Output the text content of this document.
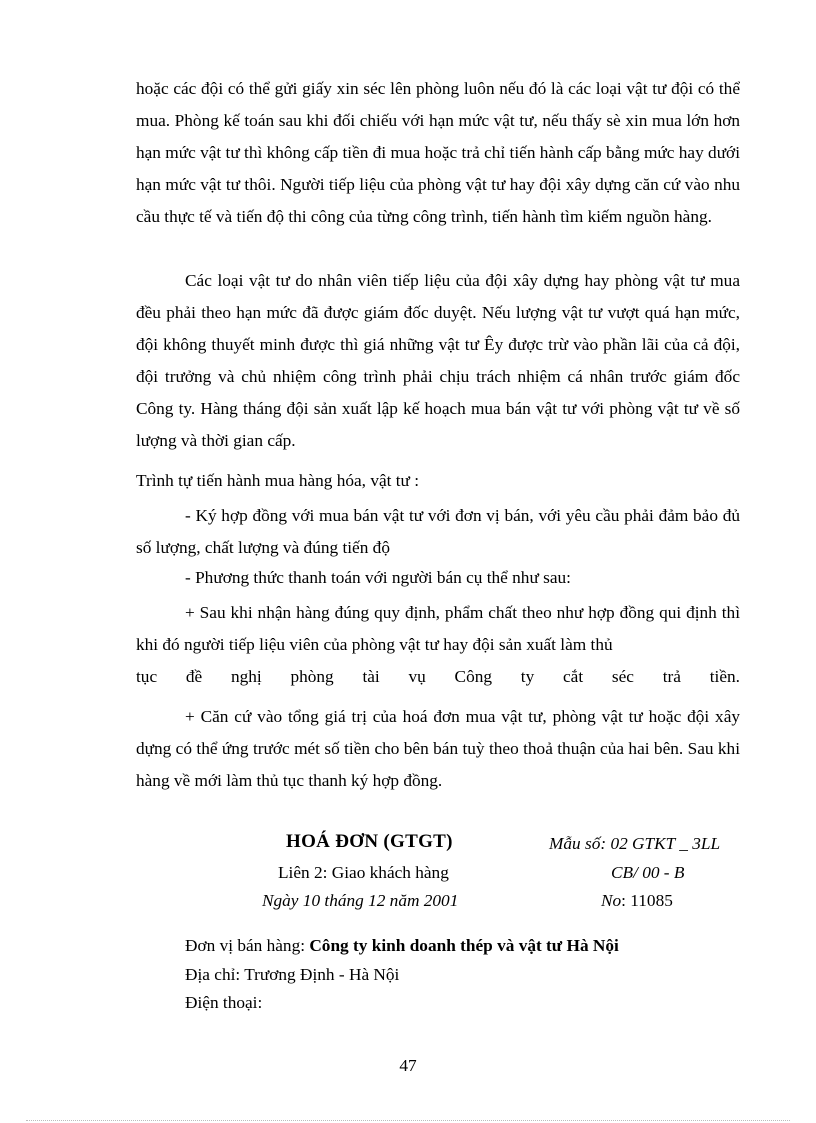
hoặc các đội có thể gửi giấy xin séc lên phòng luôn nếu đó là các loại vật tư đội có thể mua. Phòng kế toán sau khi đối chiếu với hạn mức vật tư, nếu thấy sè xin mua lớn hơn hạn mức vật tư thì không cấp tiền đi mua hoặc trả chỉ tiến hành cấp bằng mức hay dưới hạn mức vật tư thôi. Người tiếp liệu của phòng vật tư hay đội xây dựng căn cứ vào nhu cầu thực tế và tiến độ thi công của từng công trình, tiến hành tìm kiếm nguồn hàng.

Các loại vật tư do nhân viên tiếp liệu của đội xây dựng hay phòng vật tư mua đều phải theo hạn mức đã được giám đốc duyệt. Nếu lượng vật tư vượt quá hạn mức, đội không thuyết minh được thì giá những vật tư Êy được trừ vào phần lãi của cả đội, đội trưởng và chủ nhiệm công trình phải chịu trách nhiệm cá nhân trước giám đốc Công ty. Hàng tháng đội sản xuất lập kế hoạch mua bán vật tư với phòng vật tư về số lượng và thời gian cấp.

Trình tự tiến hành mua hàng hóa, vật tư :

- Ký hợp đồng với mua bán vật tư với đơn vị bán, với yêu cầu phải đảm bảo đủ số lượng, chất lượng và đúng tiến độ

- Phương thức thanh toán với người bán cụ thể như sau:

+ Sau khi nhận hàng đúng quy định, phẩm chất theo như hợp đồng qui định thì khi đó người tiếp liệu viên của phòng vật tư hay đội sản xuất làm thủ

tục đề nghị phòng tài vụ Công ty cắt séc trả tiền.

+ Căn cứ vào tổng giá trị của hoá đơn mua vật tư, phòng vật tư hoặc đội xây dựng có thể ứng trước mét số tiền cho bên bán tuỳ theo thoả thuận của hai bên. Sau khi hàng về mới làm thủ tục thanh ký hợp đồng.

HOÁ ĐƠN (GTGT)
Liên 2: Giao khách hàng
Ngày 10 tháng 12 năm 2001
Mẫu số: 02 GTKT _ 3LL
CB/ 00 - B
No: 11085
Đơn vị bán hàng: Công ty kinh doanh thép và vật tư Hà Nội
Địa chỉ: Trương Định - Hà Nội
Điện thoại:
47
